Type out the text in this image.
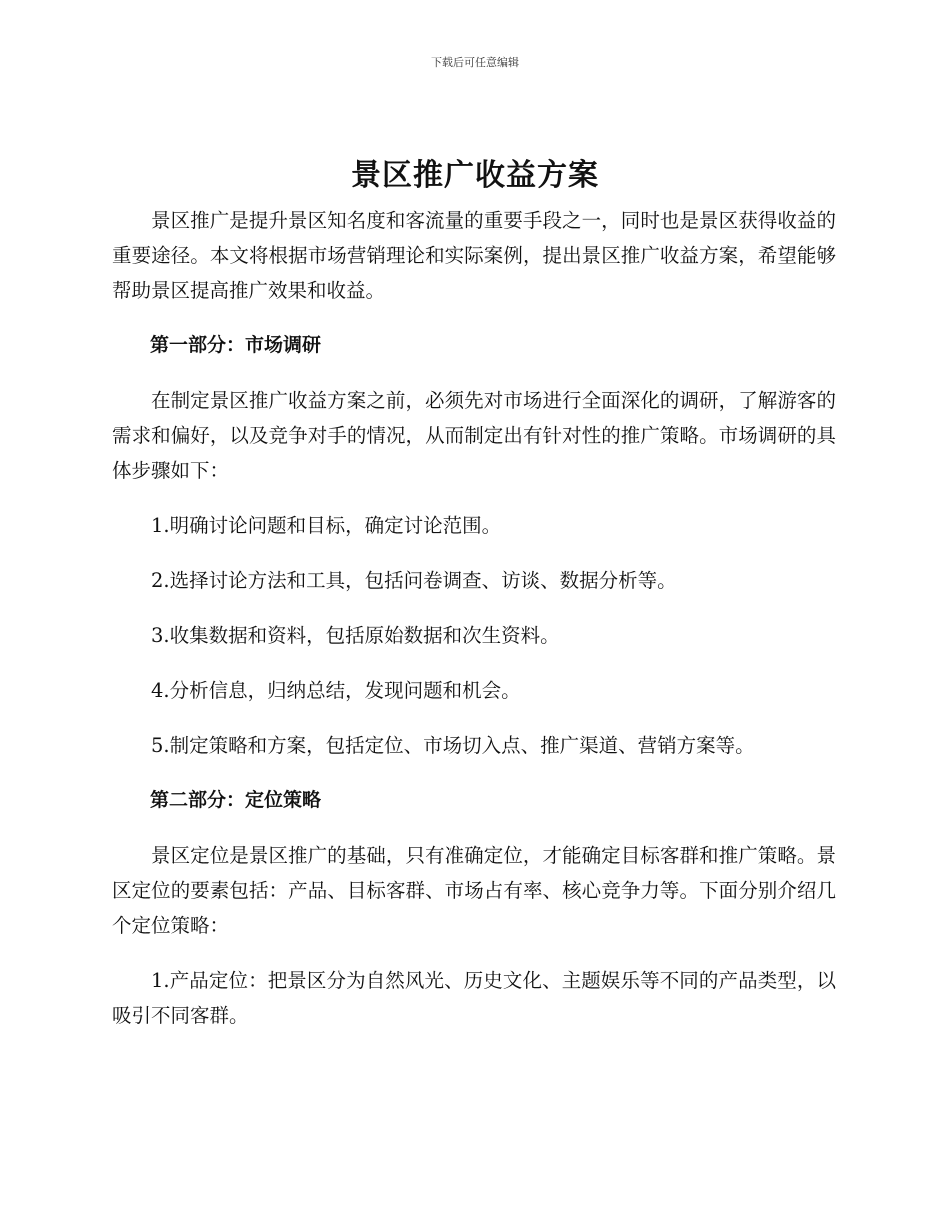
下载后可任意编辑
景区推广收益方案

景区推广是提升景区知名度和客流量的重要手段之一，同时也是景区获得收益的重要途径。本文将根据市场营销理论和实际案例，提出景区推广收益方案，希望能够帮助景区提高推广效果和收益。

第一部分：市场调研

在制定景区推广收益方案之前，必须先对市场进行全面深化的调研，了解游客的需求和偏好，以及竞争对手的情况，从而制定出有针对性的推广策略。市场调研的具体步骤如下：

1.明确讨论问题和目标，确定讨论范围。

2.选择讨论方法和工具，包括问卷调查、访谈、数据分析等。

3.收集数据和资料，包括原始数据和次生资料。

4.分析信息，归纳总结，发现问题和机会。

5.制定策略和方案，包括定位、市场切入点、推广渠道、营销方案等。

第二部分：定位策略

景区定位是景区推广的基础，只有准确定位，才能确定目标客群和推广策略。景区定位的要素包括：产品、目标客群、市场占有率、核心竞争力等。下面分别介绍几个定位策略：

1.产品定位：把景区分为自然风光、历史文化、主题娱乐等不同的产品类型，以吸引不同客群。
